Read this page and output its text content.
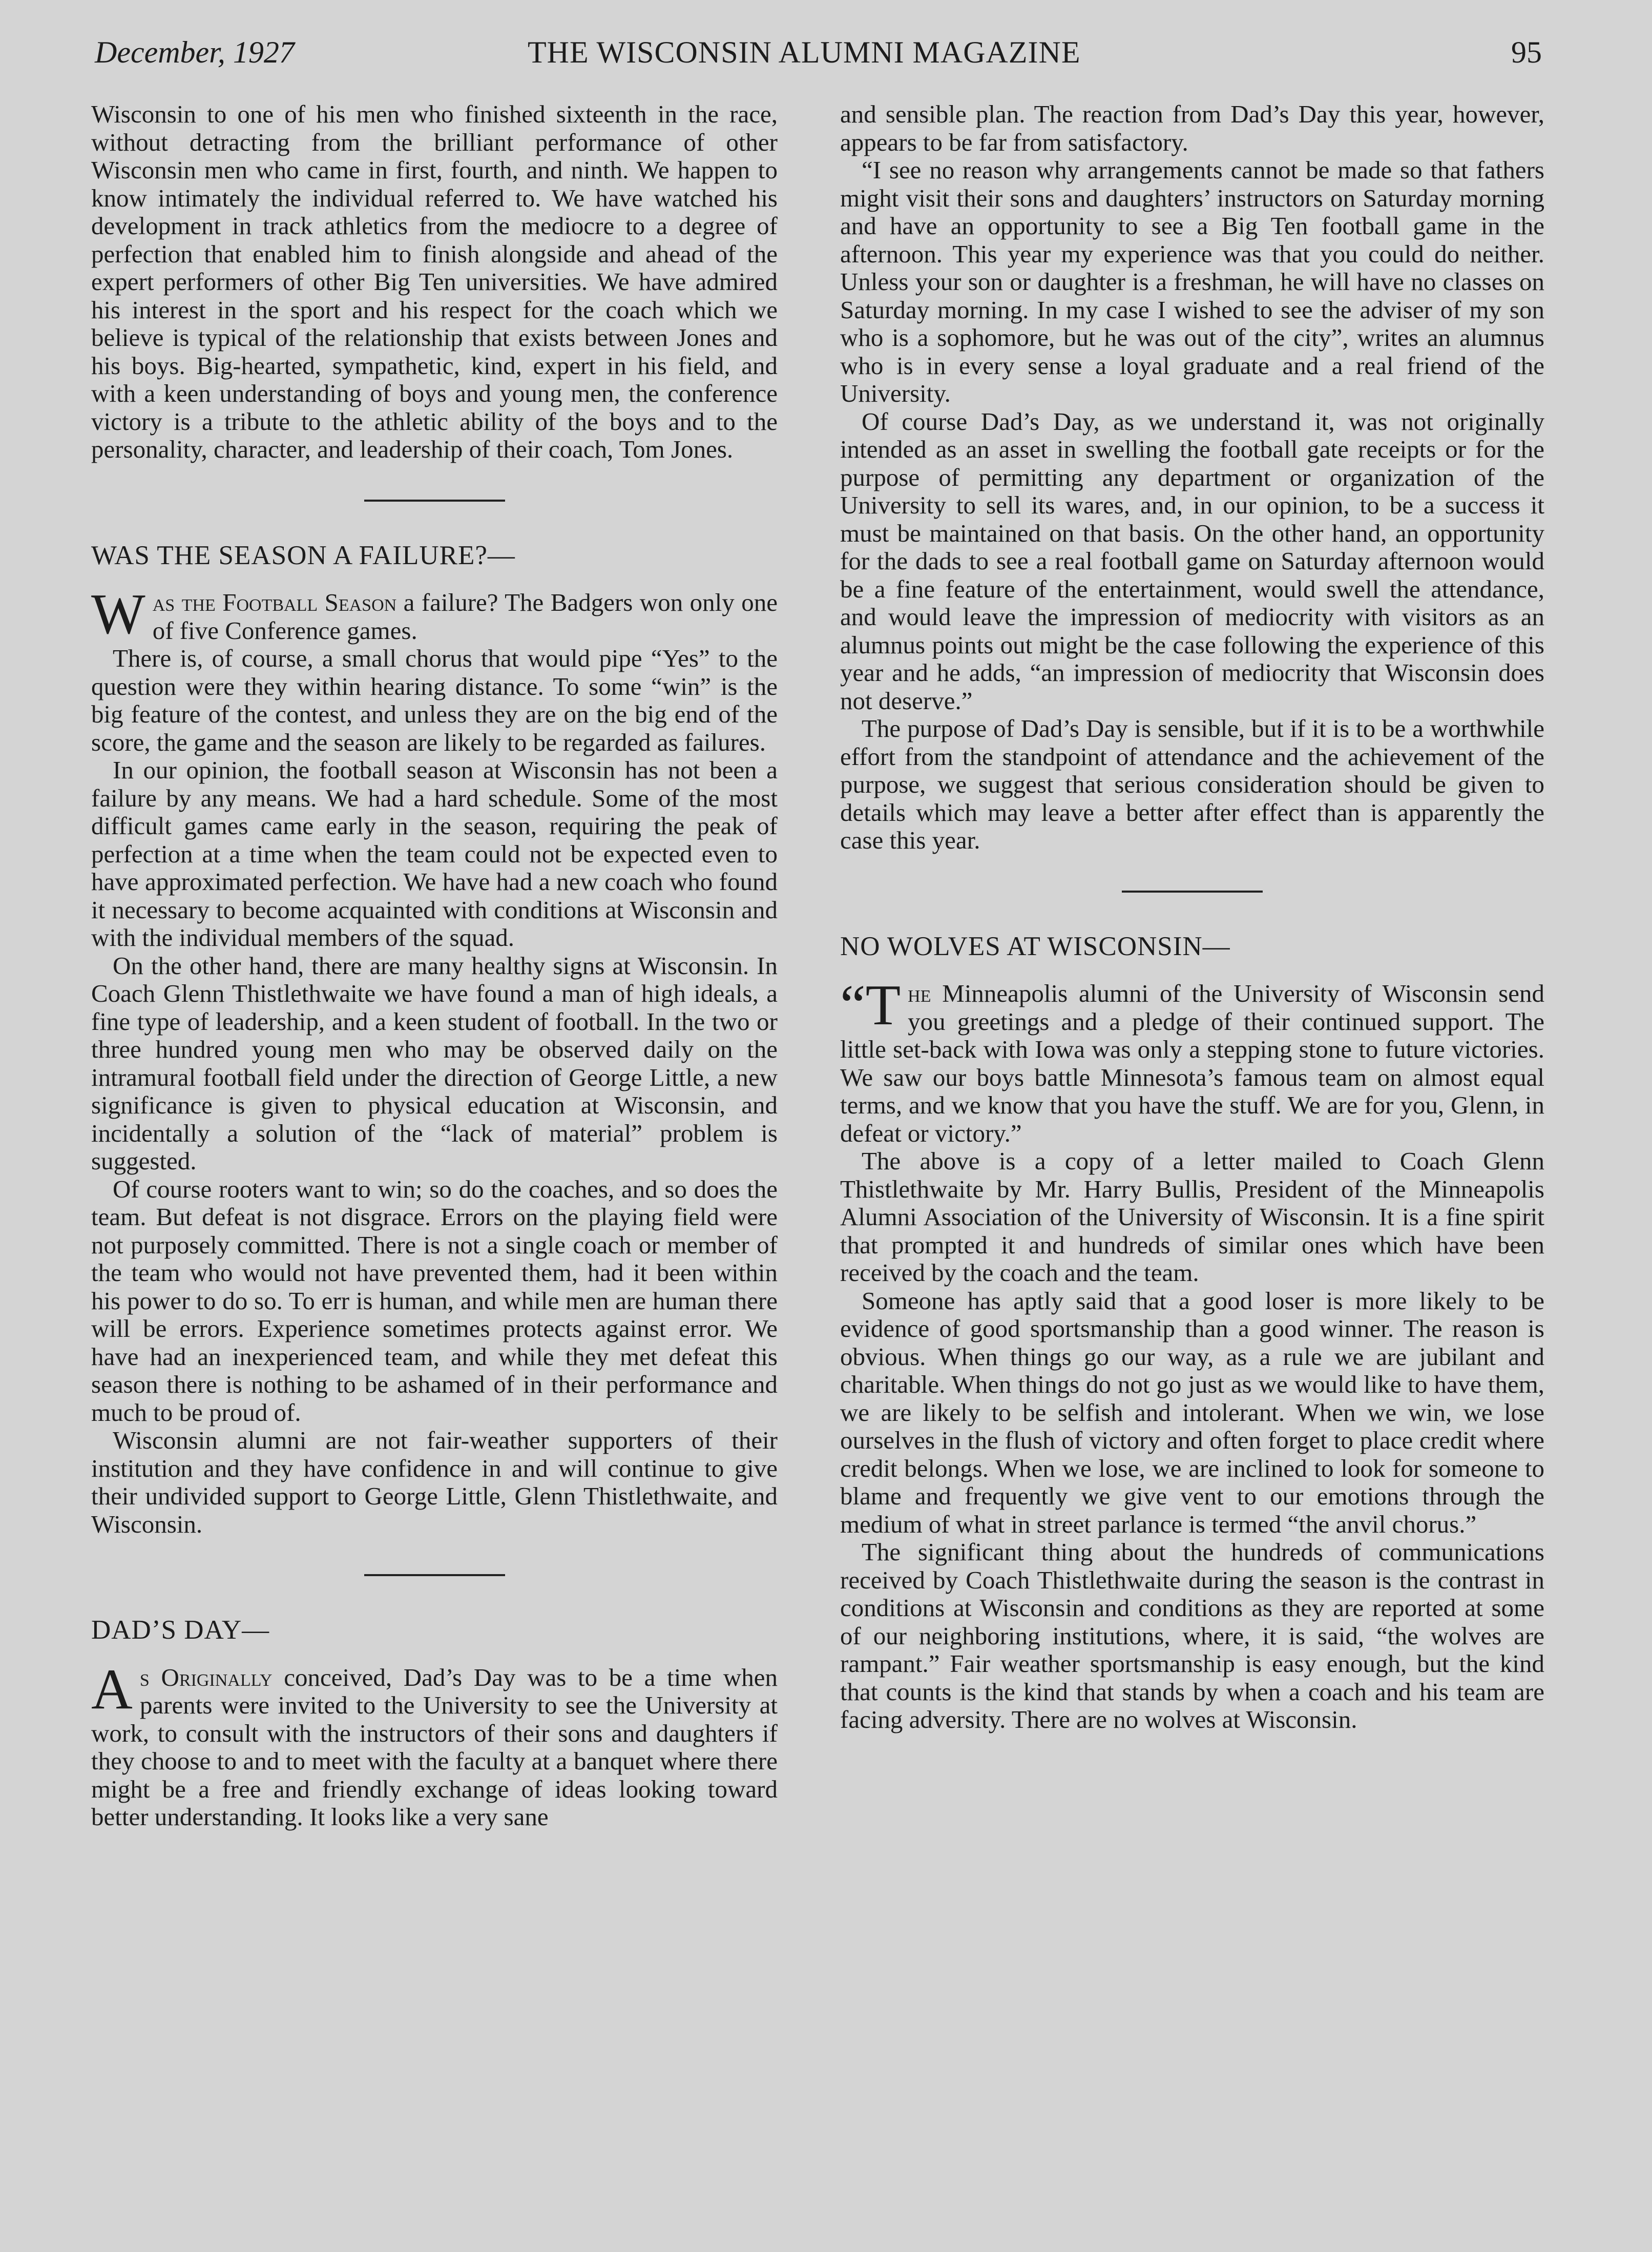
December, 1927	THE WISCONSIN ALUMNI MAGAZINE	95

Wisconsin to one of his men who finished sixteenth in the race, without detracting from the brilliant performance of other Wisconsin men who came in first, fourth, and ninth. We happen to know intimately the individual referred to. We have watched his development in track athletics from the mediocre to a degree of perfection that enabled him to finish alongside and ahead of the expert performers of other Big Ten universities. We have admired his interest in the sport and his respect for the coach which we believe is typical of the relationship that exists between Jones and his boys. Big-hearted, sympathetic, kind, expert in his field, and with a keen understanding of boys and young men, the conference victory is a tribute to the athletic ability of the boys and to the personality, character, and leadership of their coach, Tom Jones.

WAS THE SEASON A FAILURE?—

Was the Football Season a failure? The Badgers won only one of five Conference games.

There is, of course, a small chorus that would pipe “Yes” to the question were they within hearing distance. To some “win” is the big feature of the contest, and unless they are on the big end of the score, the game and the season are likely to be regarded as failures.

In our opinion, the football season at Wisconsin has not been a failure by any means. We had a hard schedule. Some of the most difficult games came early in the season, requiring the peak of perfection at a time when the team could not be expected even to have approximated perfection. We have had a new coach who found it necessary to become acquainted with conditions at Wisconsin and with the individual members of the squad.

On the other hand, there are many healthy signs at Wisconsin. In Coach Glenn Thistlethwaite we have found a man of high ideals, a fine type of leadership, and a keen student of football. In the two or three hundred young men who may be observed daily on the intramural football field under the direction of George Little, a new significance is given to physical education at Wisconsin, and incidentally a solution of the “lack of material” problem is suggested.

Of course rooters want to win; so do the coaches, and so does the team. But defeat is not disgrace. Errors on the playing field were not purposely committed. There is not a single coach or member of the team who would not have prevented them, had it been within his power to do so. To err is human, and while men are human there will be errors. Experience sometimes protects against error. We have had an inexperienced team, and while they met defeat this season there is nothing to be ashamed of in their performance and much to be proud of.

Wisconsin alumni are not fair-weather supporters of their institution and they have confidence in and will continue to give their undivided support to George Little, Glenn Thistlethwaite, and Wisconsin.

DAD’S DAY—

As Originally conceived, Dad’s Day was to be a time when parents were invited to the University to see the University at work, to consult with the instructors of their sons and daughters if they choose to and to meet with the faculty at a banquet where there might be a free and friendly exchange of ideas looking toward better understanding. It looks like a very sane

and sensible plan. The reaction from Dad’s Day this year, however, appears to be far from satisfactory.

“I see no reason why arrangements cannot be made so that fathers might visit their sons and daughters’ instructors on Saturday morning and have an opportunity to see a Big Ten football game in the afternoon. This year my experience was that you could do neither. Unless your son or daughter is a freshman, he will have no classes on Saturday morning. In my case I wished to see the adviser of my son who is a sophomore, but he was out of the city”, writes an alumnus who is in every sense a loyal graduate and a real friend of the University.

Of course Dad’s Day, as we understand it, was not originally intended as an asset in swelling the football gate receipts or for the purpose of permitting any department or organization of the University to sell its wares, and, in our opinion, to be a success it must be maintained on that basis. On the other hand, an opportunity for the dads to see a real football game on Saturday afternoon would be a fine feature of the entertainment, would swell the attendance, and would leave the impression of mediocrity with visitors as an alumnus points out might be the case following the experience of this year and he adds, “an impression of mediocrity that Wisconsin does not deserve.”

The purpose of Dad’s Day is sensible, but if it is to be a worthwhile effort from the standpoint of attendance and the achievement of the purpose, we suggest that serious consideration should be given to details which may leave a better after effect than is apparently the case this year.

NO WOLVES AT WISCONSIN—

“T he Minneapolis alumni of the University of Wisconsin send you greetings and a pledge of their continued support. The little set-back with Iowa was only a stepping stone to future victories. We saw our boys battle Minnesota’s famous team on almost equal terms, and we know that you have the stuff. We are for you, Glenn, in defeat or victory.”

The above is a copy of a letter mailed to Coach Glenn Thistlethwaite by Mr. Harry Bullis, President of the Minneapolis Alumni Association of the University of Wisconsin. It is a fine spirit that prompted it and hundreds of similar ones which have been received by the coach and the team.

Someone has aptly said that a good loser is more likely to be evidence of good sportsmanship than a good winner. The reason is obvious. When things go our way, as a rule we are jubilant and charitable. When things do not go just as we would like to have them, we are likely to be selfish and intolerant. When we win, we lose ourselves in the flush of victory and often forget to place credit where credit belongs. When we lose, we are inclined to look for someone to blame and frequently we give vent to our emotions through the medium of what in street parlance is termed “the anvil chorus.”

The significant thing about the hundreds of communications received by Coach Thistlethwaite during the season is the contrast in conditions at Wisconsin and conditions as they are reported at some of our neighboring institutions, where, it is said, “the wolves are rampant.” Fair weather sportsmanship is easy enough, but the kind that counts is the kind that stands by when a coach and his team are facing adversity. There are no wolves at Wisconsin.
